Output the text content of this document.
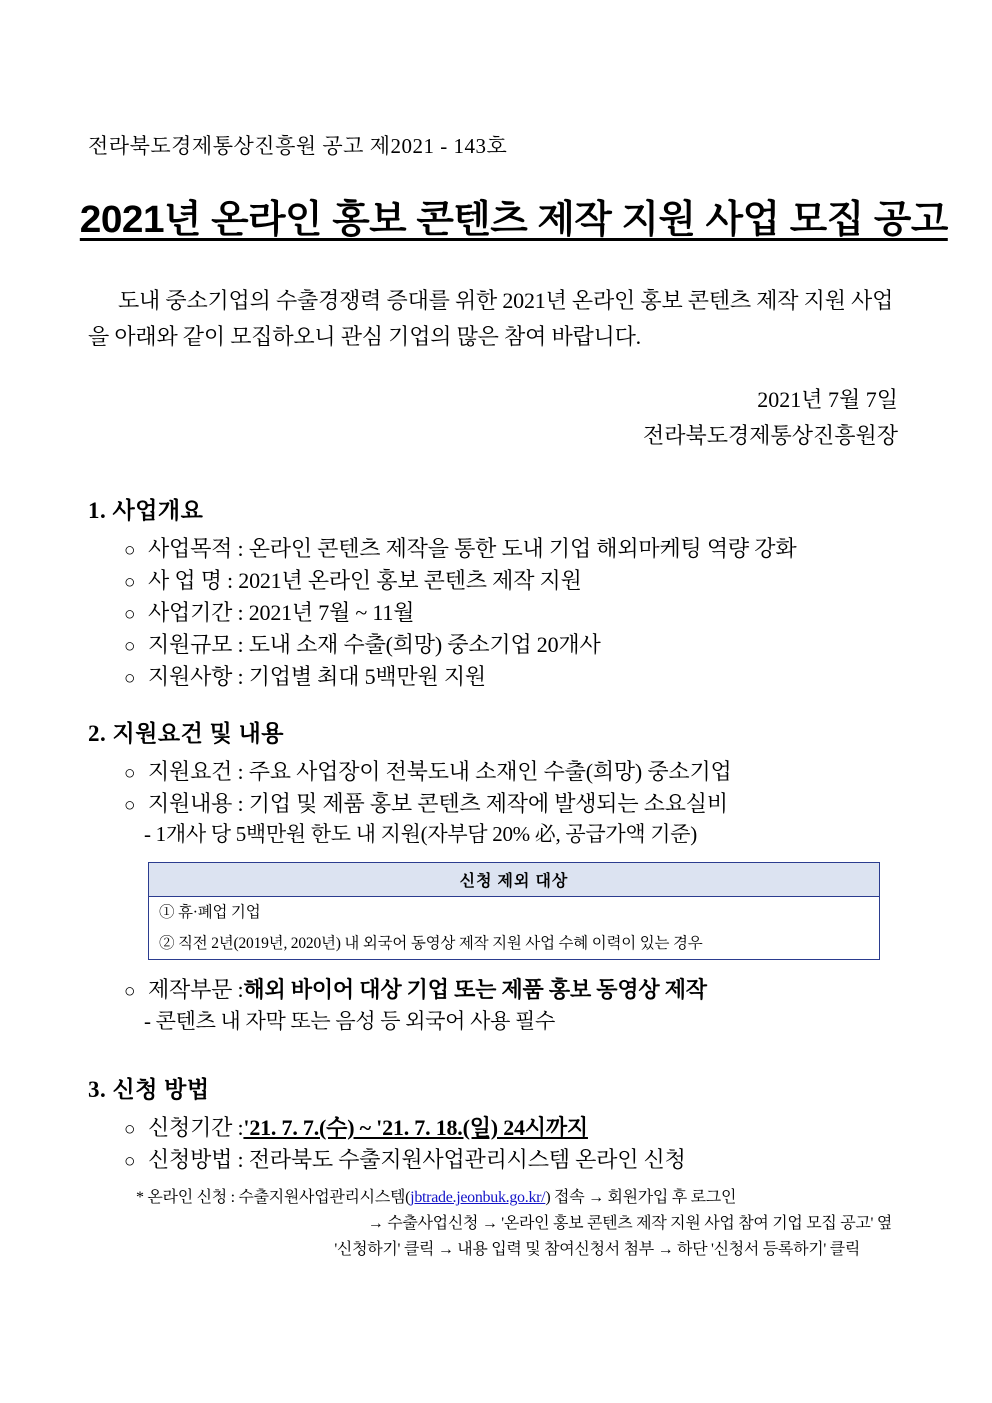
전라북도경제통상진흥원 공고 제2021 - 143호
2021년 온라인 홍보 콘텐츠 제작 지원 사업 모집 공고
도내 중소기업의 수출경쟁력 증대를 위한 2021년 온라인 홍보 콘텐츠 제작 지원 사업을 아래와 같이 모집하오니 관심 기업의 많은 참여 바랍니다.
2021년 7월 7일
전라북도경제통상진흥원장
1. 사업개요
○ 사업목적 : 온라인 콘텐츠 제작을 통한 도내 기업 해외마케팅 역량 강화
○ 사 업 명 : 2021년 온라인 홍보 콘텐츠 제작 지원
○ 사업기간 : 2021년 7월 ~ 11월
○ 지원규모 : 도내 소재 수출(희망) 중소기업 20개사
○ 지원사항 : 기업별 최대 5백만원 지원
2. 지원요건 및 내용
○ 지원요건 : 주요 사업장이 전북도내 소재인 수출(희망) 중소기업
○ 지원내용 : 기업 및 제품 홍보 콘텐츠 제작에 발생되는 소요실비
- 1개사 당 5백만원 한도 내 지원(자부담 20% 必, 공급가액 기준)
신청 제외 대상
① 휴·폐업 기업
② 직전 2년(2019년, 2020년) 내 외국어 동영상 제작 지원 사업 수혜 이력이 있는 경우
○ 제작부문 : 해외 바이어 대상 기업 또는 제품 홍보 동영상 제작
- 콘텐츠 내 자막 또는 음성 등 외국어 사용 필수
3. 신청 방법
○ 신청기간 : '21. 7. 7.(수) ~ '21. 7. 18.(일) 24시까지
○ 신청방법 : 전라북도 수출지원사업관리시스템 온라인 신청
* 온라인 신청 : 수출지원사업관리시스템(jbtrade.jeonbuk.go.kr/) 접속 → 회원가입 후 로그인
→ 수출사업신청 → '온라인 홍보 콘텐츠 제작 지원 사업 참여 기업 모집 공고' 옆
'신청하기' 클릭 → 내용 입력 및 참여신청서 첨부 → 하단 '신청서 등록하기' 클릭
